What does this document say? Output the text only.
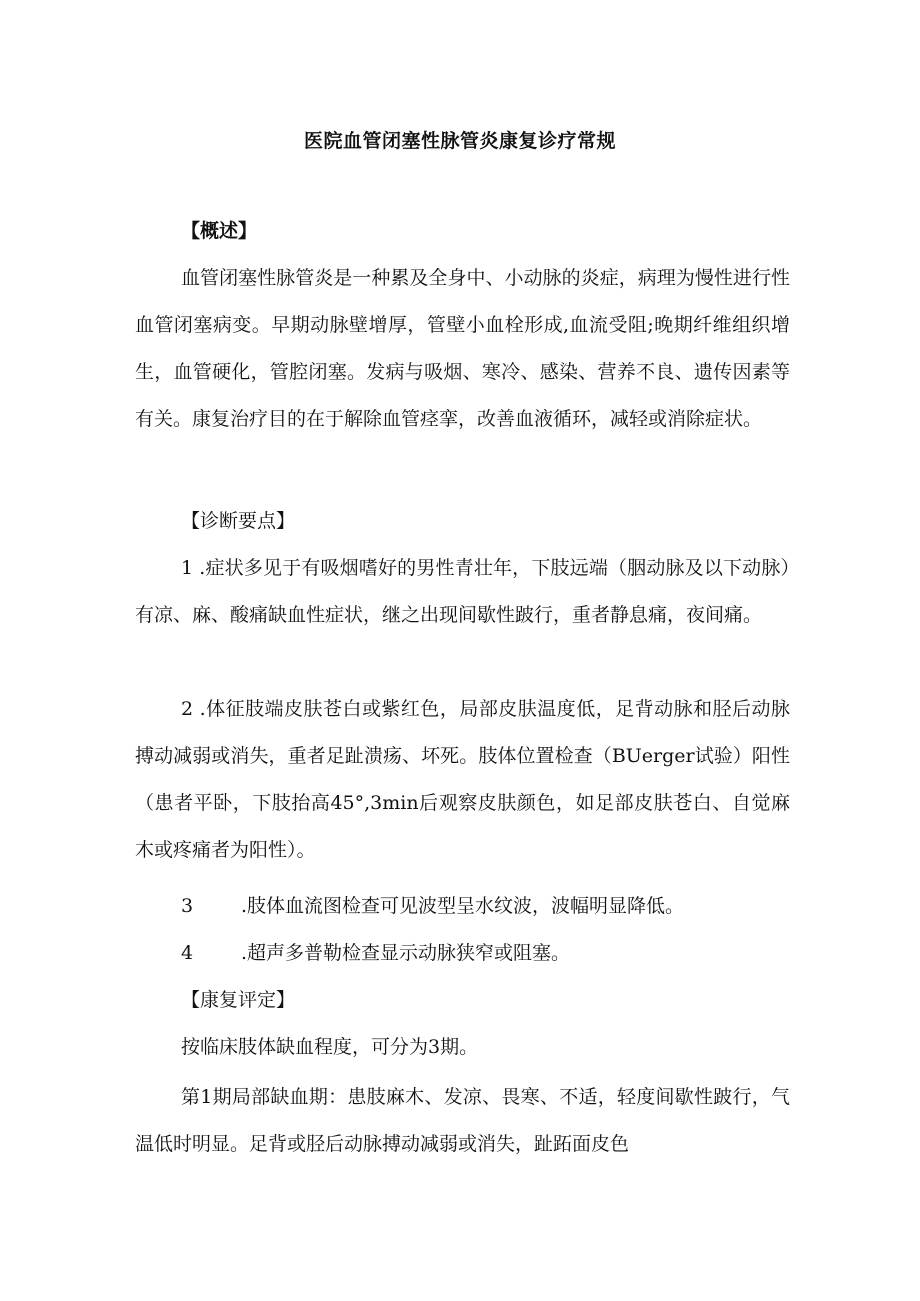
医院血管闭塞性脉管炎康复诊疗常规

【概述】

血管闭塞性脉管炎是一种累及全身中、小动脉的炎症，病理为慢性进行性血管闭塞病变。早期动脉壁增厚，管壁小血栓形成,血流受阻;晚期纤维组织增生，血管硬化，管腔闭塞。发病与吸烟、寒冷、感染、营养不良、遗传因素等有关。康复治疗目的在于解除血管痉挛，改善血液循环，减轻或消除症状。

【诊断要点】

1 .症状多见于有吸烟嗜好的男性青壮年，下肢远端（胭动脉及以下动脉）有凉、麻、酸痛缺血性症状，继之出现间歇性跛行，重者静息痛，夜间痛。

2 .体征肢端皮肤苍白或紫红色，局部皮肤温度低，足背动脉和胫后动脉搏动减弱或消失，重者足趾溃疡、坏死。肢体位置检查（BUerger试验）阳性（患者平卧，下肢抬高45°,3min后观察皮肤颜色，如足部皮肤苍白、自觉麻木或疼痛者为阳性）。

3	.肢体血流图检查可见波型呈水纹波，波幅明显降低。

4	.超声多普勒检查显示动脉狭窄或阻塞。

【康复评定】

按临床肢体缺血程度，可分为3期。

第1期局部缺血期：患肢麻木、发凉、畏寒、不适，轻度间歇性跛行，气温低时明显。足背或胫后动脉搏动减弱或消失，趾跖面皮色
